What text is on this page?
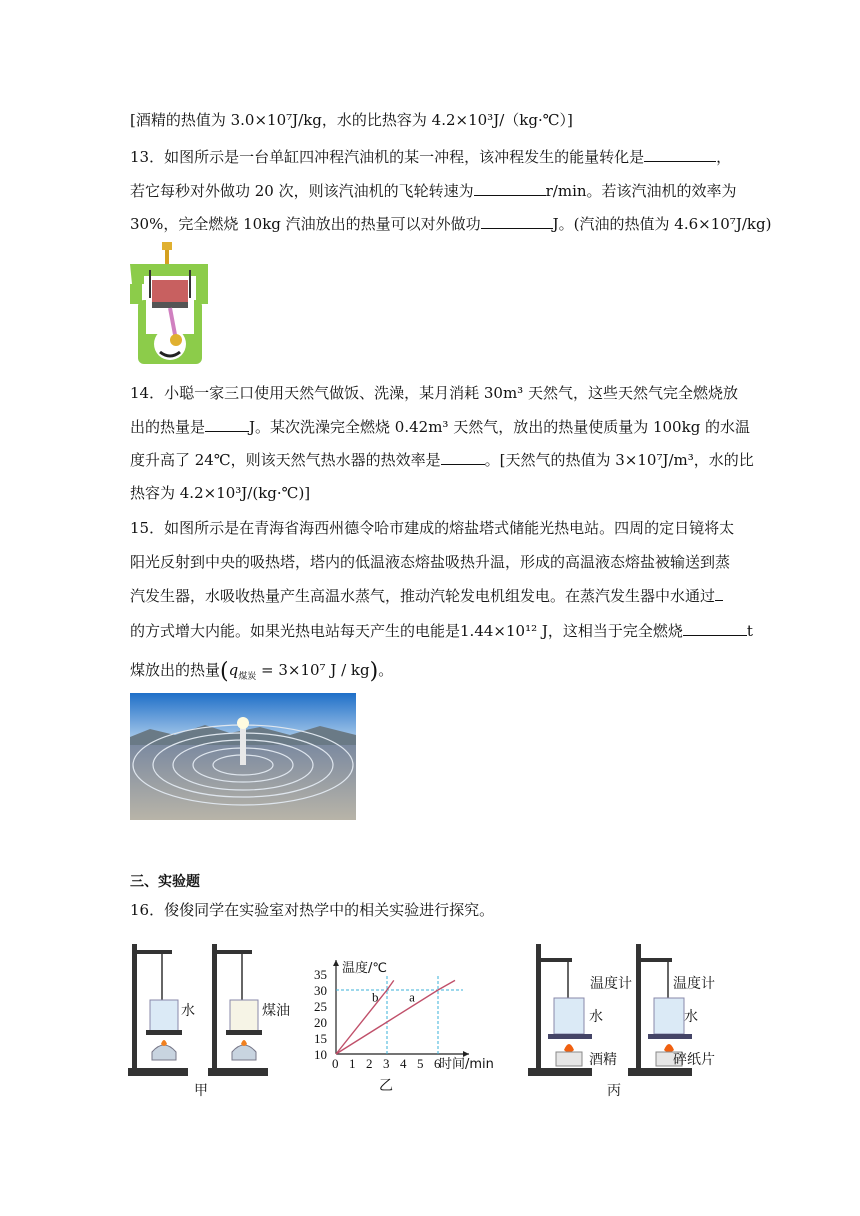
[酒精的热值为 3.0×10⁷J/kg，水的比热容为 4.2×10³J/（kg·℃）]
13．如图所示是一台单缸四冲程汽油机的某一冲程，该冲程发生的能量转化是	，
若它每秒对外做功 20 次，则该汽油机的飞轮转速为	r/min。若该汽油机的效率为
30%，完全燃烧 10kg 汽油放出的热量可以对外做功	J。(汽油的热值为 4.6×10⁷J/kg)
14．小聪一家三口使用天然气做饭、洗澡，某月消耗 30m³ 天然气，这些天然气完全燃烧放
出的热量是	J。某次洗澡完全燃烧 0.42m³ 天然气，放出的热量使质量为 100kg 的水温
度升高了 24℃，则该天然气热水器的热效率是	。[天然气的热值为 3×10⁷J/m³，水的比
热容为 4.2×10³J/(kg·℃)]
15．如图所示是在青海省海西州德令哈市建成的熔盐塔式储能光热电站。四周的定日镜将太
阳光反射到中央的吸热塔，塔内的低温液态熔盐吸热升温，形成的高温液态熔盐被输送到蒸
汽发生器，水吸收热量产生高温水蒸气，推动汽轮发电机组发电。在蒸汽发生器中水通过
的方式增大内能。如果光热电站每天产生的电能是1.44×10¹² J，这相当于完全燃烧	t
煤放出的热量($q_{煤炭} = 3\times 10^7$ J / kg)。
三、实验题
16．俊俊同学在实验室对热学中的相关实验进行探究。
水	煤油
甲
0 1 2 3 4 5 6
10
15
20
25
30
35 温度/℃
时间/min
乙
b a
温度计
水
酒精
温度计
水
碎纸片
丙
